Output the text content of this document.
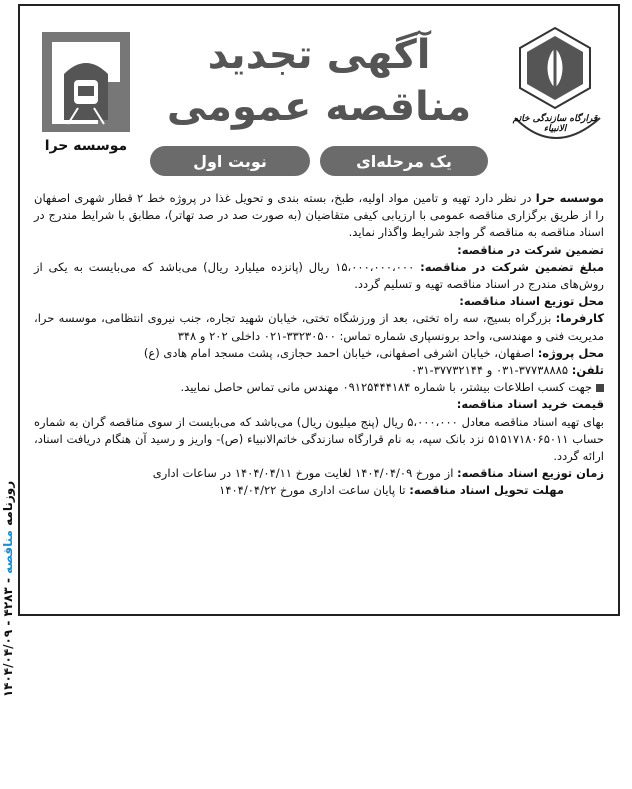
روزنامه مناقصه - ۴۲۸۳ - ۱۴۰۴/۰۴/۰۹
قرارگاه سازندگی خاتم الانبیاء
موسسه حرا
آگهی تجدید
مناقصه عمومی
یک مرحله‌ای
نوبت اول

موسسه حرا در نظر دارد تهیه و تامین مواد اولیه، طبخ، بسته بندی و تحویل غذا در پروژه خط ۲ قطار شهری اصفهان را از طریق برگزاری مناقصه عمومی با ارزیابی کیفی متقاضیان (به صورت صد در صد تهاتر)، مطابق با شرایط مندرج در اسناد مناقصه به مناقصه گر واجد شرایط واگذار نماید.

تضمین شرکت در مناقصه:

مبلغ تضمین شرکت در مناقصه: ۱۵،۰۰۰،۰۰۰،۰۰۰ ریال (پانزده میلیارد ریال) می‌باشد که می‌بایست به یکی از روش‌های مندرج در اسناد مناقصه تهیه و تسلیم گردد.

محل توزیع اسناد مناقصه:

کارفرما: بزرگراه بسیج، سه راه تختی، بعد از ورزشگاه تختی، خیابان شهید تجاره، جنب نیروی انتظامی، موسسه حرا، مدیریت فنی و مهندسی، واحد برونسپاری شماره تماس: ۳۳۲۳۰۵۰۰-۰۲۱ داخلی ۲۰۲ و ۳۴۸

محل پروژه: اصفهان، خیابان اشرفی اصفهانی، خیابان احمد حجازی، پشت مسجد امام هادی (ع)

تلفن: ۳۷۷۳۸۸۸۵-۰۳۱ و ۳۷۷۳۲۱۴۴-۰۳۱

جهت کسب اطلاعات بیشتر، با شماره ۰۹۱۲۵۴۴۴۱۸۴ مهندس مانی تماس حاصل نمایید.

قیمت خرید اسناد مناقصه:

بهای تهیه اسناد مناقصه معادل ۵،۰۰۰،۰۰۰ ریال (پنج میلیون ریال) می‌باشد که می‌بایست از سوی مناقصه گران به شماره حساب ۵۱۵۱۷۱۸۰۶۵۰۱۱ نزد بانک سپه، به نام قرارگاه سازندگی خاتم‌الانبیاء (ص)- واریز و رسید آن هنگام دریافت اسناد، ارائه گردد.

زمان توزیع اسناد مناقصه: از مورخ ۱۴۰۴/۰۴/۰۹ لغایت مورخ ۱۴۰۴/۰۴/۱۱ در ساعات اداری

مهلت تحویل اسناد مناقصه: تا پایان ساعت اداری مورخ ۱۴۰۴/۰۴/۲۲
